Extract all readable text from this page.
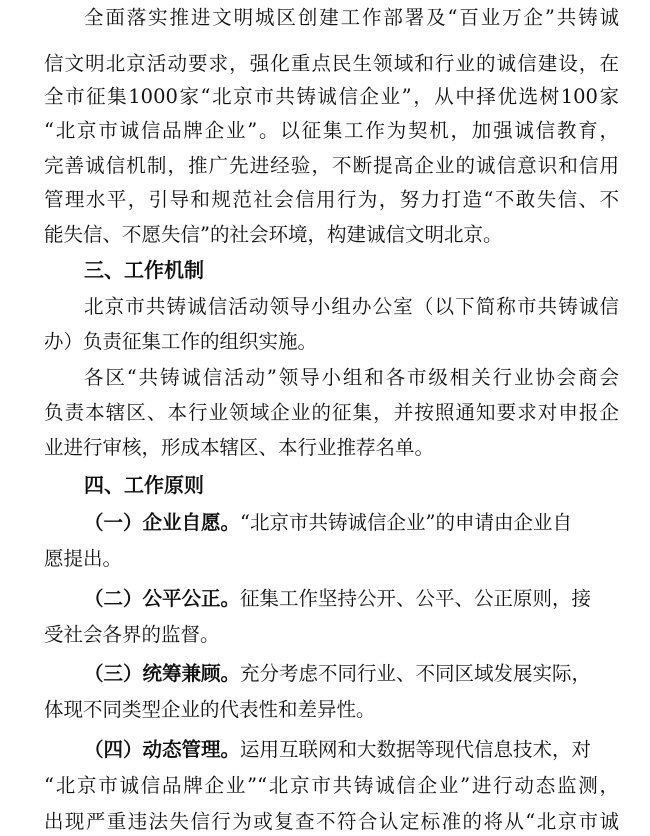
全面落实推进文明城区创建工作部署及“百业万企”共铸诚
信文明北京活动要求，强化重点民生领域和行业的诚信建设，在
全市征集1000家“北京市共铸诚信企业”，从中择优选树100家
“北京市诚信品牌企业”。以征集工作为契机，加强诚信教育，
完善诚信机制，推广先进经验，不断提高企业的诚信意识和信用
管理水平，引导和规范社会信用行为，努力打造“不敢失信、不
能失信、不愿失信”的社会环境，构建诚信文明北京。
三、工作机制
北京市共铸诚信活动领导小组办公室（以下简称市共铸诚信
办）负责征集工作的组织实施。
各区“共铸诚信活动”领导小组和各市级相关行业协会商会
负责本辖区、本行业领域企业的征集，并按照通知要求对申报企
业进行审核，形成本辖区、本行业推荐名单。
四、工作原则
（一）企业自愿。“北京市共铸诚信企业”的申请由企业自
愿提出。
（二）公平公正。征集工作坚持公开、公平、公正原则，接
受社会各界的监督。
（三）统筹兼顾。充分考虑不同行业、不同区域发展实际，
体现不同类型企业的代表性和差异性。
（四）动态管理。运用互联网和大数据等现代信息技术，对
“北京市诚信品牌企业”“北京市共铸诚信企业”进行动态监测，
出现严重违法失信行为或复查不符合认定标准的将从“北京市诚
